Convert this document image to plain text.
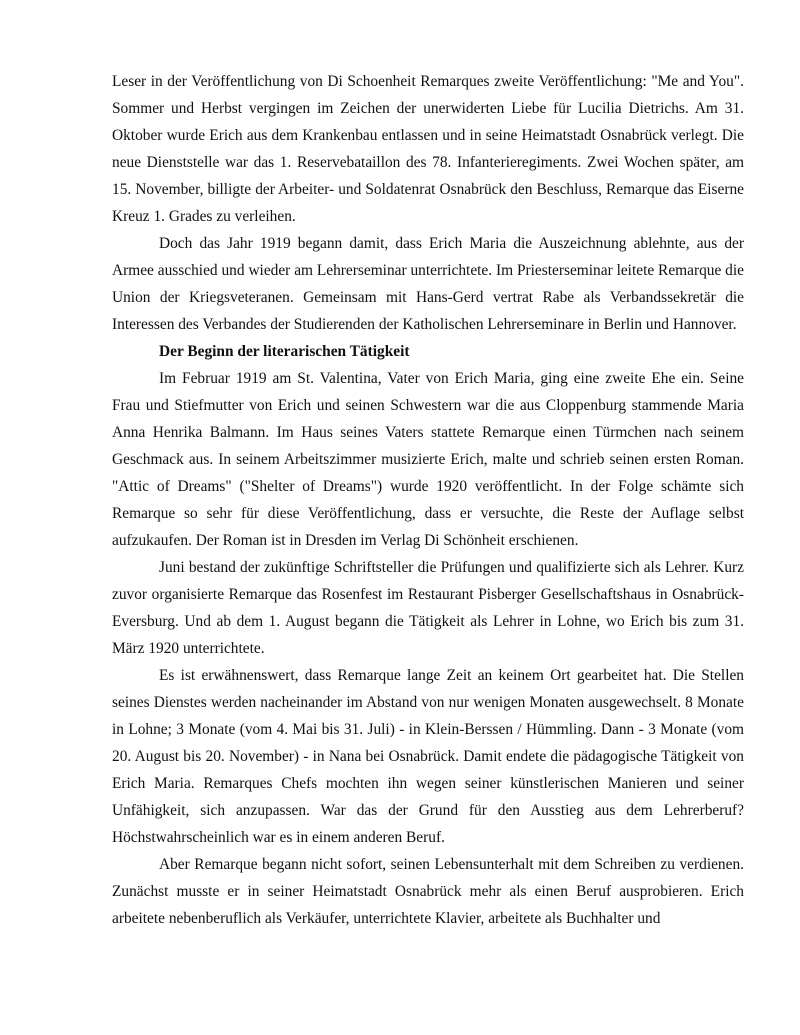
Leser in der Veröffentlichung von Di Schoenheit Remarques zweite Veröffentlichung: "Me and You". Sommer und Herbst vergingen im Zeichen der unerwiderten Liebe für Lucilia Dietrichs. Am 31. Oktober wurde Erich aus dem Krankenbau entlassen und in seine Heimatstadt Osnabrück verlegt. Die neue Dienststelle war das 1. Reservebataillon des 78. Infanterieregiments. Zwei Wochen später, am 15. November, billigte der Arbeiter- und Soldatenrat Osnabrück den Beschluss, Remarque das Eiserne Kreuz 1. Grades zu verleihen.

Doch das Jahr 1919 begann damit, dass Erich Maria die Auszeichnung ablehnte, aus der Armee ausschied und wieder am Lehrerseminar unterrichtete. Im Priesterseminar leitete Remarque die Union der Kriegsveteranen. Gemeinsam mit Hans-Gerd vertrat Rabe als Verbandssekretär die Interessen des Verbandes der Studierenden der Katholischen Lehrerseminare in Berlin und Hannover.

Der Beginn der literarischen Tätigkeit

Im Februar 1919 am St. Valentina, Vater von Erich Maria, ging eine zweite Ehe ein. Seine Frau und Stiefmutter von Erich und seinen Schwestern war die aus Cloppenburg stammende Maria Anna Henrika Balmann. Im Haus seines Vaters stattete Remarque einen Türmchen nach seinem Geschmack aus. In seinem Arbeitszimmer musizierte Erich, malte und schrieb seinen ersten Roman. "Attic of Dreams" ("Shelter of Dreams") wurde 1920 veröffentlicht. In der Folge schämte sich Remarque so sehr für diese Veröffentlichung, dass er versuchte, die Reste der Auflage selbst aufzukaufen. Der Roman ist in Dresden im Verlag Di Schönheit erschienen.

Juni bestand der zukünftige Schriftsteller die Prüfungen und qualifizierte sich als Lehrer. Kurz zuvor organisierte Remarque das Rosenfest im Restaurant Pisberger Gesellschaftshaus in Osnabrück-Eversburg. Und ab dem 1. August begann die Tätigkeit als Lehrer in Lohne, wo Erich bis zum 31. März 1920 unterrichtete.

Es ist erwähnenswert, dass Remarque lange Zeit an keinem Ort gearbeitet hat. Die Stellen seines Dienstes werden nacheinander im Abstand von nur wenigen Monaten ausgewechselt. 8 Monate in Lohne; 3 Monate (vom 4. Mai bis 31. Juli) - in Klein-Berssen / Hümmling. Dann - 3 Monate (vom 20. August bis 20. November) - in Nana bei Osnabrück. Damit endete die pädagogische Tätigkeit von Erich Maria. Remarques Chefs mochten ihn wegen seiner künstlerischen Manieren und seiner Unfähigkeit, sich anzupassen. War das der Grund für den Ausstieg aus dem Lehrerberuf? Höchstwahrscheinlich war es in einem anderen Beruf.

Aber Remarque begann nicht sofort, seinen Lebensunterhalt mit dem Schreiben zu verdienen. Zunächst musste er in seiner Heimatstadt Osnabrück mehr als einen Beruf ausprobieren. Erich arbeitete nebenberuflich als Verkäufer, unterrichtete Klavier, arbeitete als Buchhalter und
